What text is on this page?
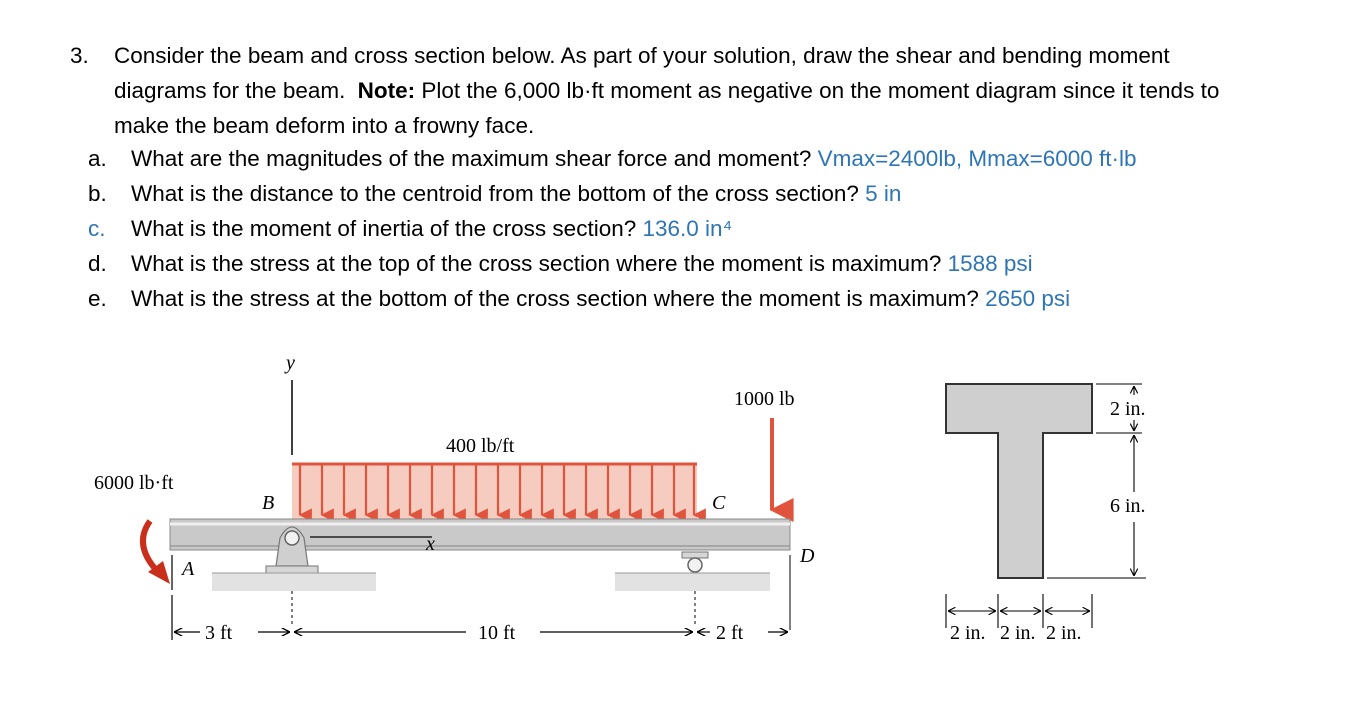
3. Consider the beam and cross section below. As part of your solution, draw the shear and bending moment
diagrams for the beam. Note: Plot the 6,000 lb·ft moment as negative on the moment diagram since it tends to
make the beam deform into a frowny face.
a. What are the magnitudes of the maximum shear force and moment? Vmax=2400lb, Mmax=6000 ft·lb
b. What is the distance to the centroid from the bottom of the cross section? 5 in
c. What is the moment of inertia of the cross section? 136.0 in⁴
d. What is the stress at the top of the cross section where the moment is maximum? 1588 psi
e. What is the stress at the bottom of the cross section where the moment is maximum? 2650 psi
y
400 lb/ft
1000 lb
x
B	C
D
A
6000 lb·ft
3 ft	10 ft	2 ft
2 in.
6 in.
2 in. 2 in. 2 in.
